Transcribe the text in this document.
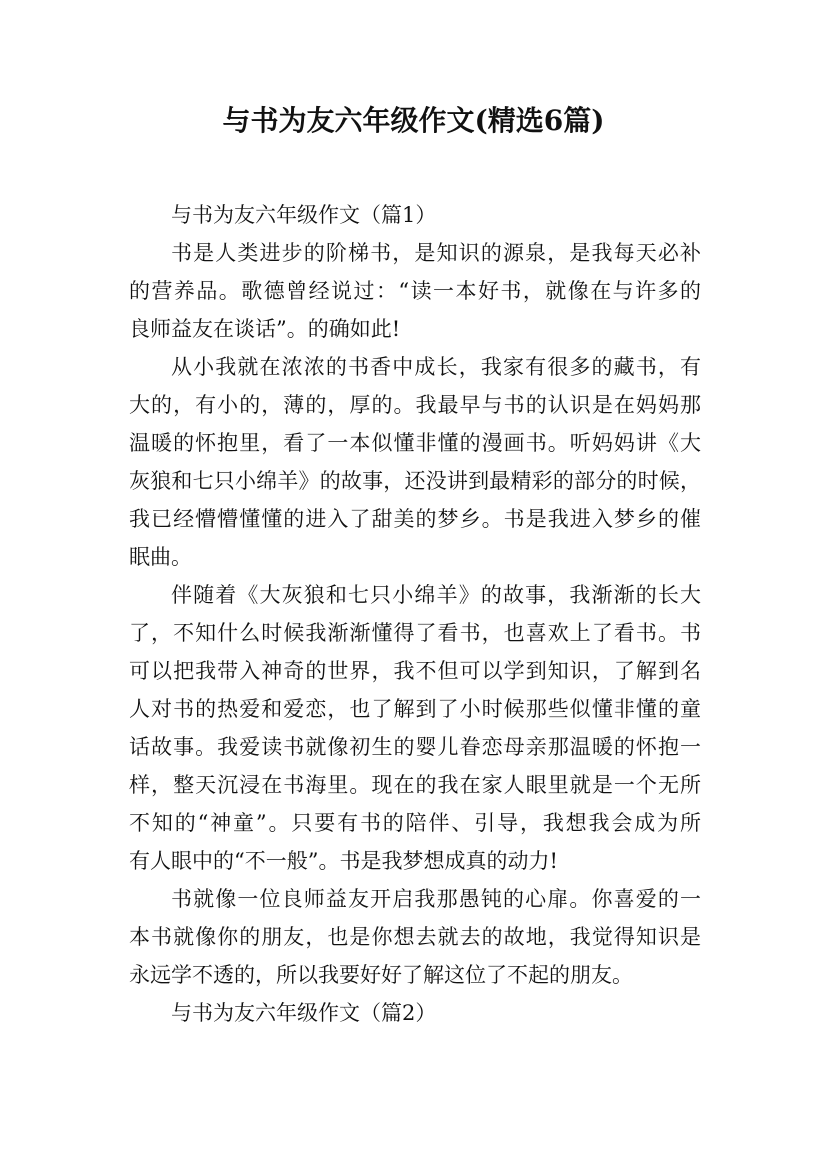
与书为友六年级作文(精选6篇)
与书为友六年级作文（篇1）
书是人类进步的阶梯书，是知识的源泉，是我每天必补
的营养品。歌德曾经说过：“读一本好书，就像在与许多的
良师益友在谈话”。的确如此!
从小我就在浓浓的书香中成长，我家有很多的藏书，有
大的，有小的，薄的，厚的。我最早与书的认识是在妈妈那
温暖的怀抱里，看了一本似懂非懂的漫画书。听妈妈讲《大
灰狼和七只小绵羊》的故事，还没讲到最精彩的部分的时候，
我已经懵懵懂懂的进入了甜美的梦乡。书是我进入梦乡的催
眠曲。
伴随着《大灰狼和七只小绵羊》的故事，我渐渐的长大
了，不知什么时候我渐渐懂得了看书，也喜欢上了看书。书
可以把我带入神奇的世界，我不但可以学到知识，了解到名
人对书的热爱和爱恋，也了解到了小时候那些似懂非懂的童
话故事。我爱读书就像初生的婴儿眷恋母亲那温暖的怀抱一
样，整天沉浸在书海里。现在的我在家人眼里就是一个无所
不知的“神童”。只要有书的陪伴、引导，我想我会成为所
有人眼中的“不一般”。书是我梦想成真的动力!
书就像一位良师益友开启我那愚钝的心扉。你喜爱的一
本书就像你的朋友，也是你想去就去的故地，我觉得知识是
永远学不透的，所以我要好好了解这位了不起的朋友。
与书为友六年级作文（篇2）
